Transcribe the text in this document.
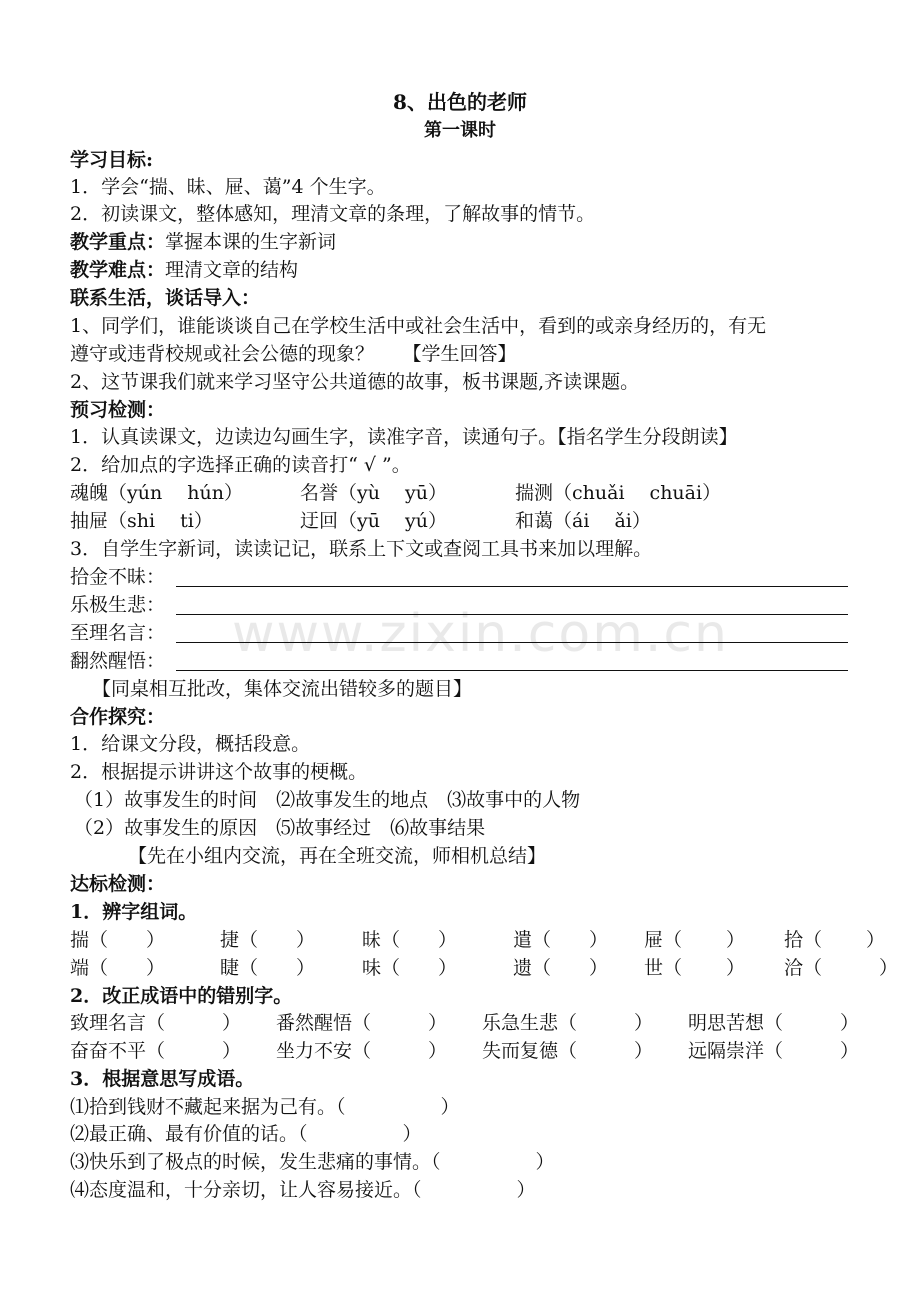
www.zixin.com.cn
8、出色的老师
第一课时
学习目标:
1．学会“揣、昧、屉、蔼”4 个生字。
2．初读课文，整体感知，理清文章的条理，了解故事的情节。
教学重点：掌握本课的生字新词
教学难点：理清文章的结构
联系生活，谈话导入：
1、同学们，谁能谈谈自己在学校生活中或社会生活中，看到的或亲身经历的，有无
遵守或违背校规或社会公德的现象？　　【学生回答】
2、这节课我们就来学习坚守公共道德的故事，板书课题,齐读课题。
预习检测：
1．认真读课文，边读边勾画生字，读准字音，读通句子。【指名学生分段朗读】
2．给加点的字选择正确的读音打“ √ ”。
魂魄（yún　 hún）	名誉（yù　 yū）	揣测（chuǎi　 chuāi）
抽屉（shi　 ti）	迂回（yū　 yú）	和蔼（ái　 ǎi）
3．自学生字新词，读读记记，联系上下文或查阅工具书来加以理解。
拾金不昧：
乐极生悲：
至理名言：
翻然醒悟：
【同桌相互批改，集体交流出错较多的题目】
合作探究：
1．给课文分段，概括段意。
2．根据提示讲讲这个故事的梗概。
（1）故事发生的时间　⑵故事发生的地点　⑶故事中的人物
（2）故事发生的原因　⑸故事经过　⑹故事结果
【先在小组内交流，再在全班交流，师相机总结】
达标检测：
1．辨字组词。
揣（　　）	捷（　　） 昧（　　）	遣（　　） 屉（　　 ） 拾（　　 ）
端（　　）	睫（　　） 味（　　）	遗（　　） 世（　　 ） 洽（　　　）
2．改正成语中的错别字。
致理名言（　　　） 番然醒悟（　　　） 乐急生悲（　　　） 明思苦想（　　　）
奋奋不平（　　　） 坐力不安（　　　） 失而复德（　　　） 远隔崇洋（　　　）
3．根据意思写成语。
⑴拾到钱财不藏起来据为己有。（　　　　　）
⑵最正确、最有价值的话。（　　　　　）
⑶快乐到了极点的时候，发生悲痛的事情。（　　　　　）
⑷态度温和，十分亲切，让人容易接近。（　　　　　）
